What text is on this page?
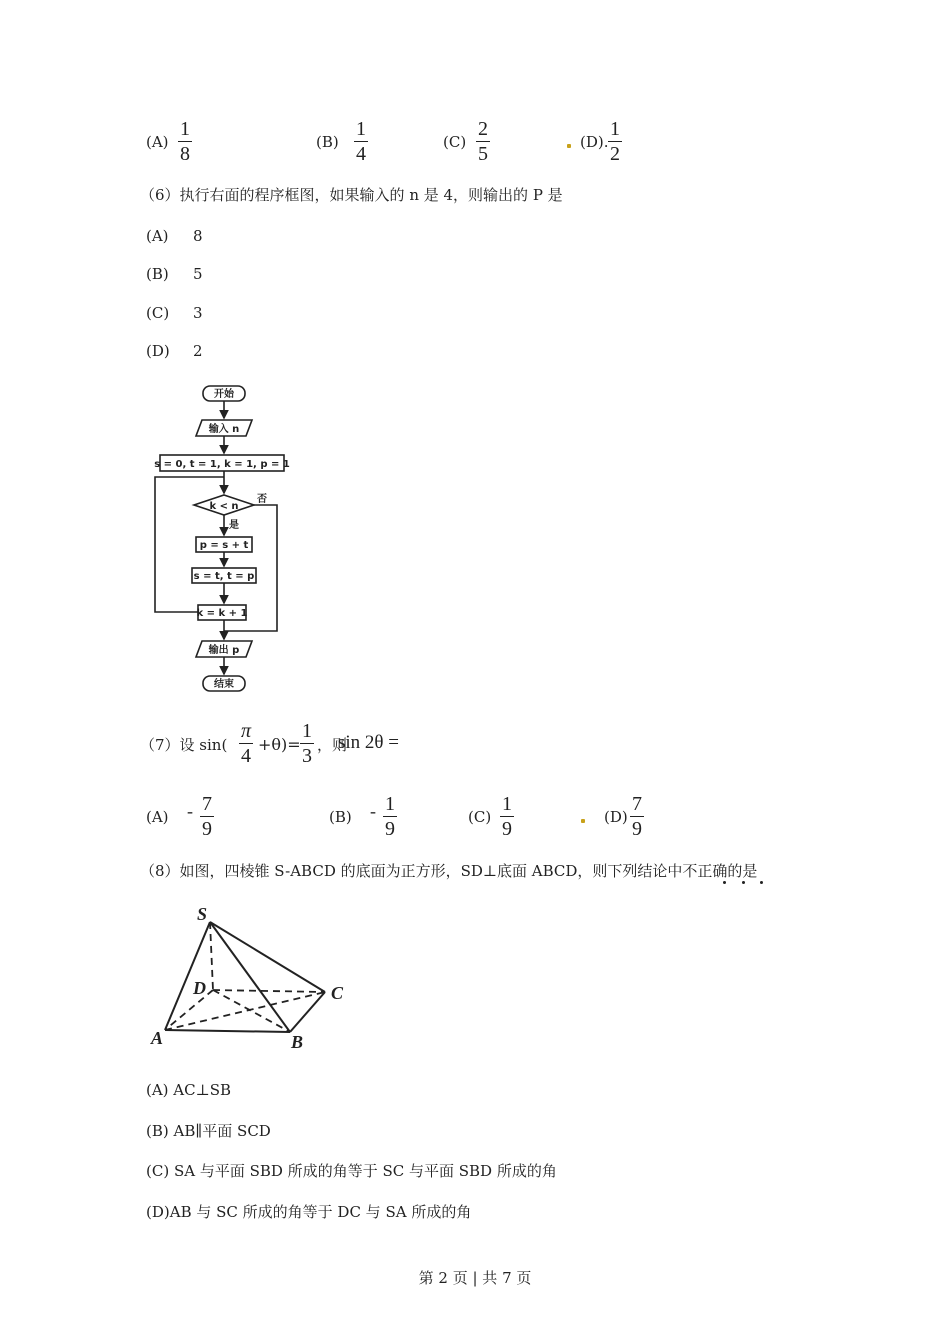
(A)
1
8
(B)
1
4
(C)
2
5
(D).
1
2
（6）执行右面的程序框图，如果输入的 n 是 4，则输出的 P 是
(A) 8
(B) 5
(C) 3
(D) 2
开始
输入 n
s = 0, t = 1, k = 1, p = 1
k < n
否
是
p = s + t
s = t, t = p
k = k + 1
输出 p
结束
（7）设 sin(
π
4
+θ)=
1
3 ，则
sin 2θ =
(A) - 7
9
(B) - 1
9
(C)
1
9
(D)
7
9
（8）如图，四棱锥 S-ABCD 的底面为正方形，SD⊥底面 ABCD，则下列结论中不正确的是
S
D	C
A	B
(A) AC⊥SB
(B) AB∥平面 SCD
(C) SA 与平面 SBD 所成的角等于 SC 与平面 SBD 所成的角
(D)AB 与 SC 所成的角等于 DC 与 SA 所成的角
第 2 页 | 共 7 页
